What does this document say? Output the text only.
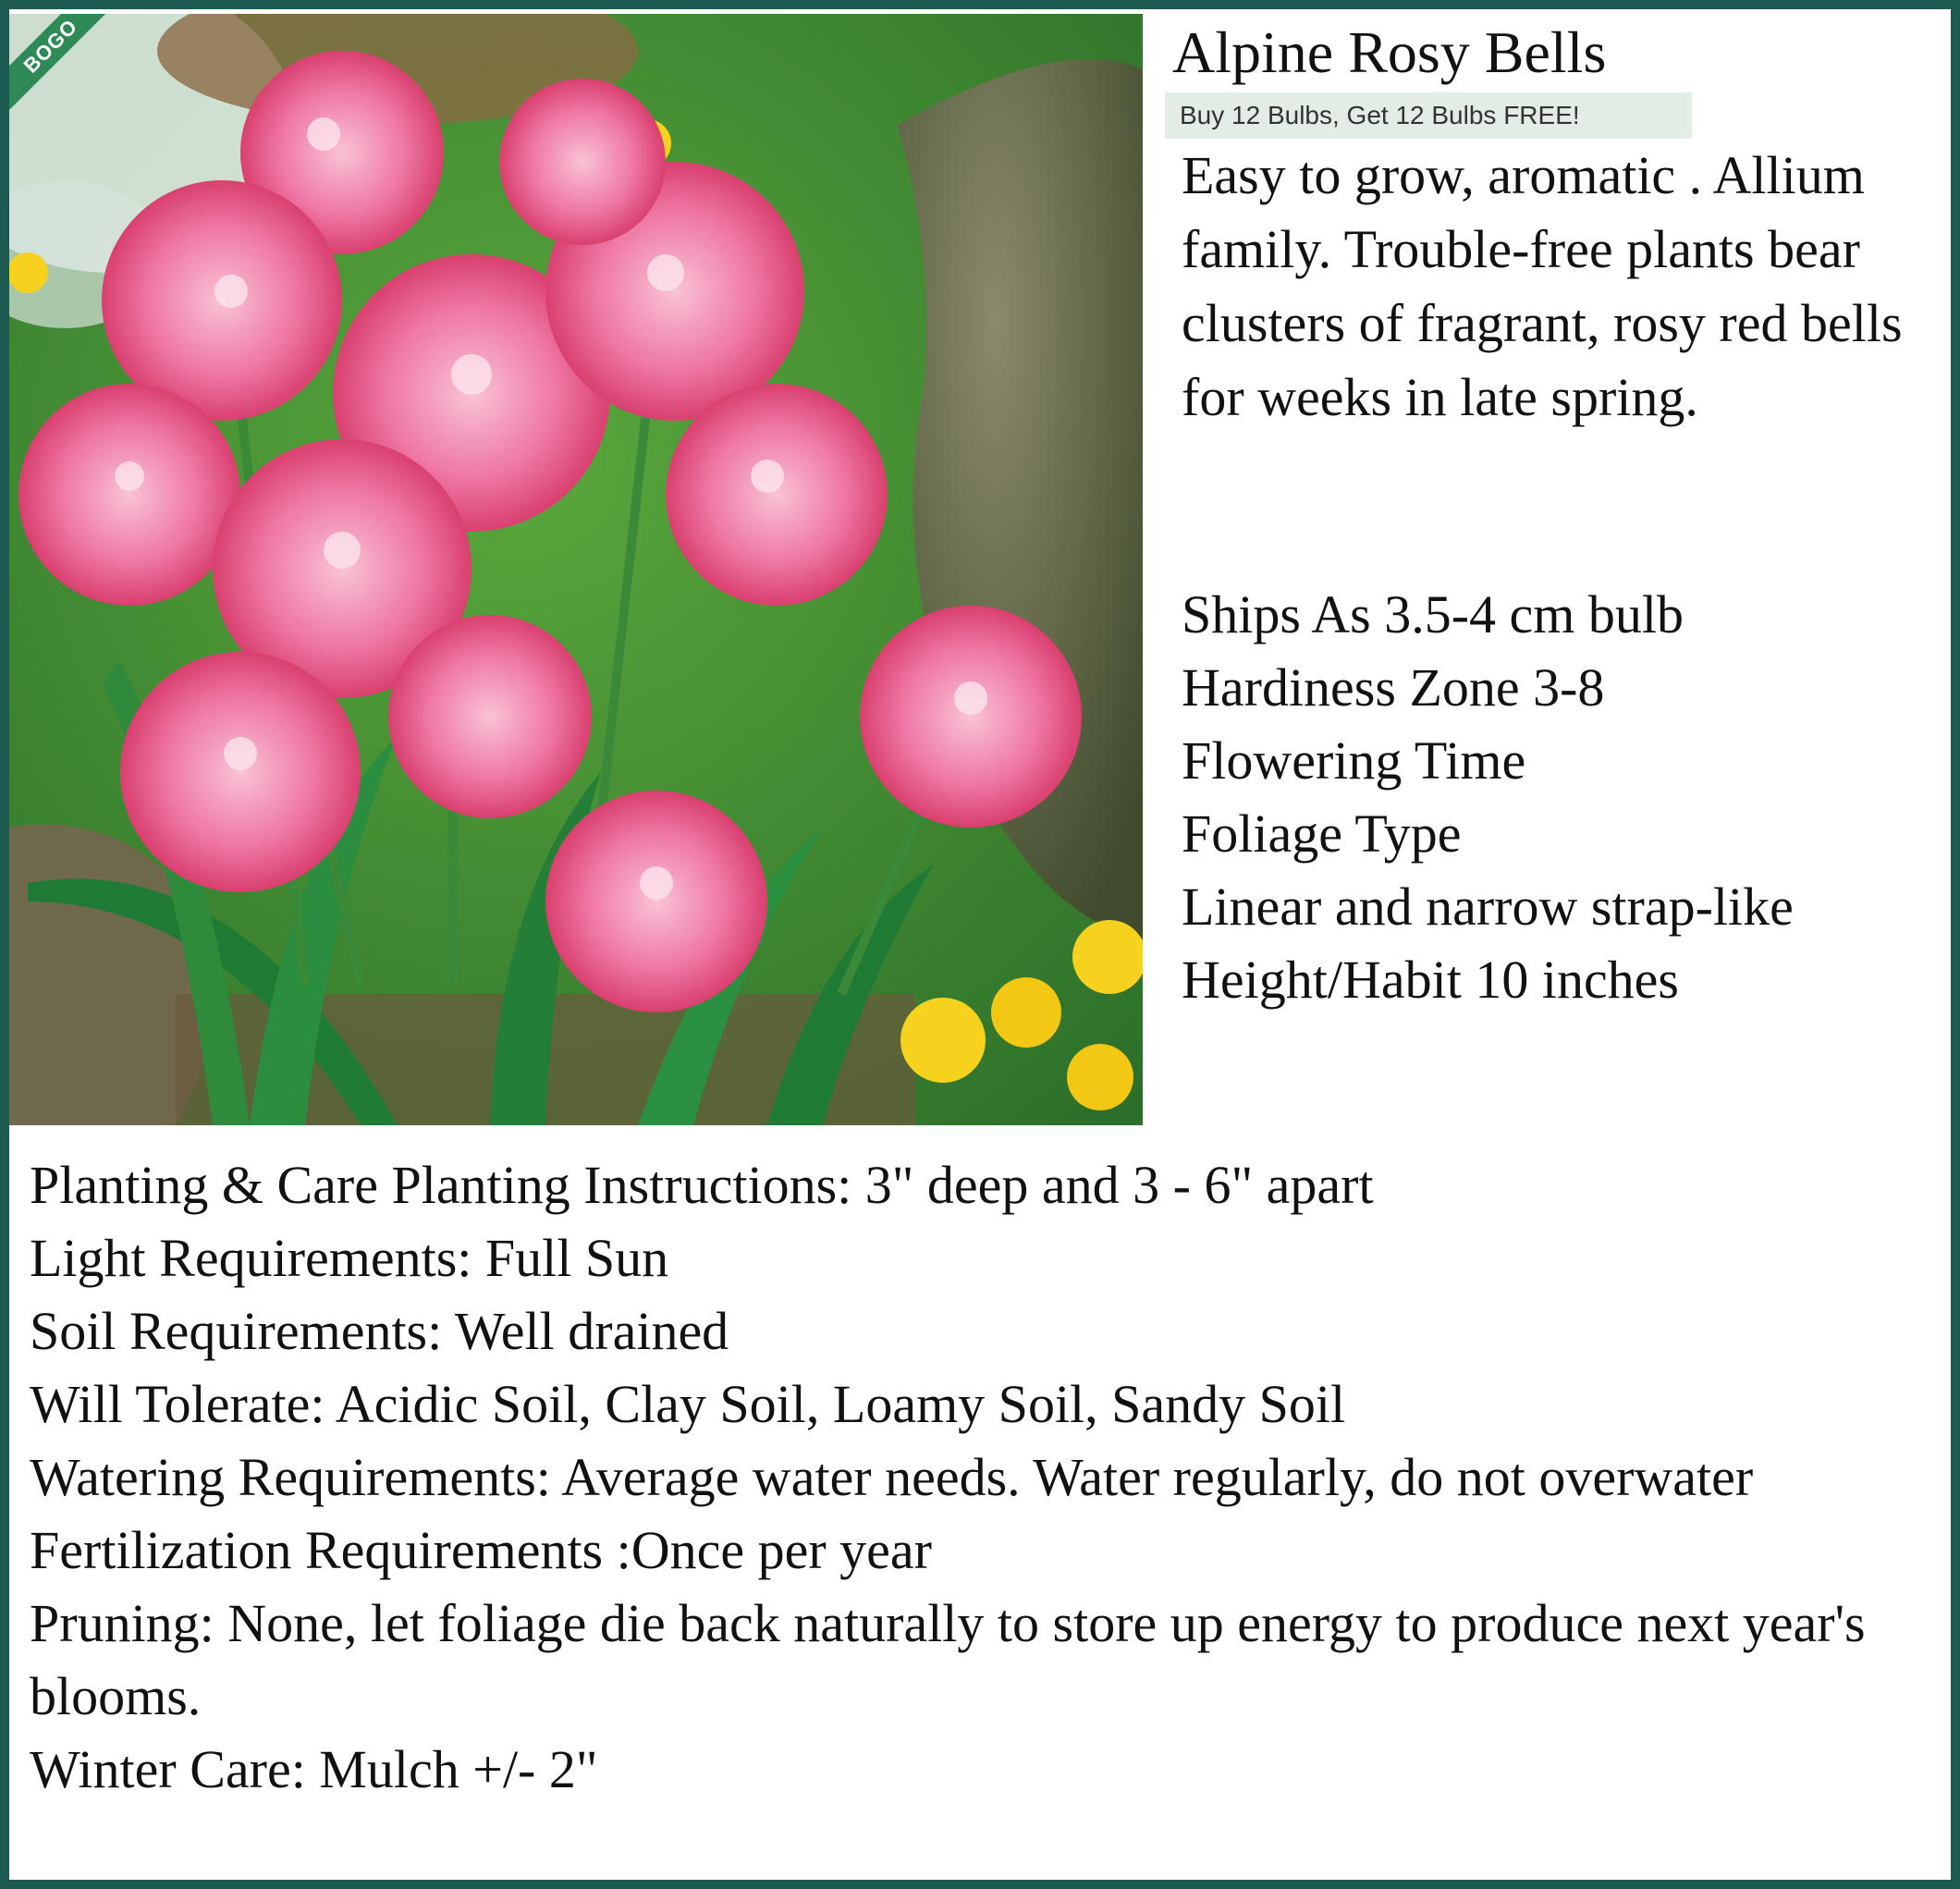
BOGO	Alpine Rosy Bells
Buy 12 Bulbs, Get 12 Bulbs FREE!
Easy to grow, aromatic . Allium family. Trouble-free plants bear clusters of fragrant, rosy red bells for weeks in late spring.
Ships As 3.5-4 cm bulb
Hardiness Zone 3-8
Flowering Time
Foliage Type
Linear and narrow strap-like
Height/Habit 10 inches
Planting & Care Planting Instructions: 3" deep and 3 - 6" apart
Light Requirements: Full Sun
Soil Requirements: Well drained
Will Tolerate: Acidic Soil, Clay Soil, Loamy Soil, Sandy Soil
Watering Requirements: Average water needs. Water regularly, do not overwater
Fertilization Requirements :Once per year
Pruning: None, let foliage die back naturally to store up energy to produce next year's blooms.
Winter Care: Mulch +/- 2"
